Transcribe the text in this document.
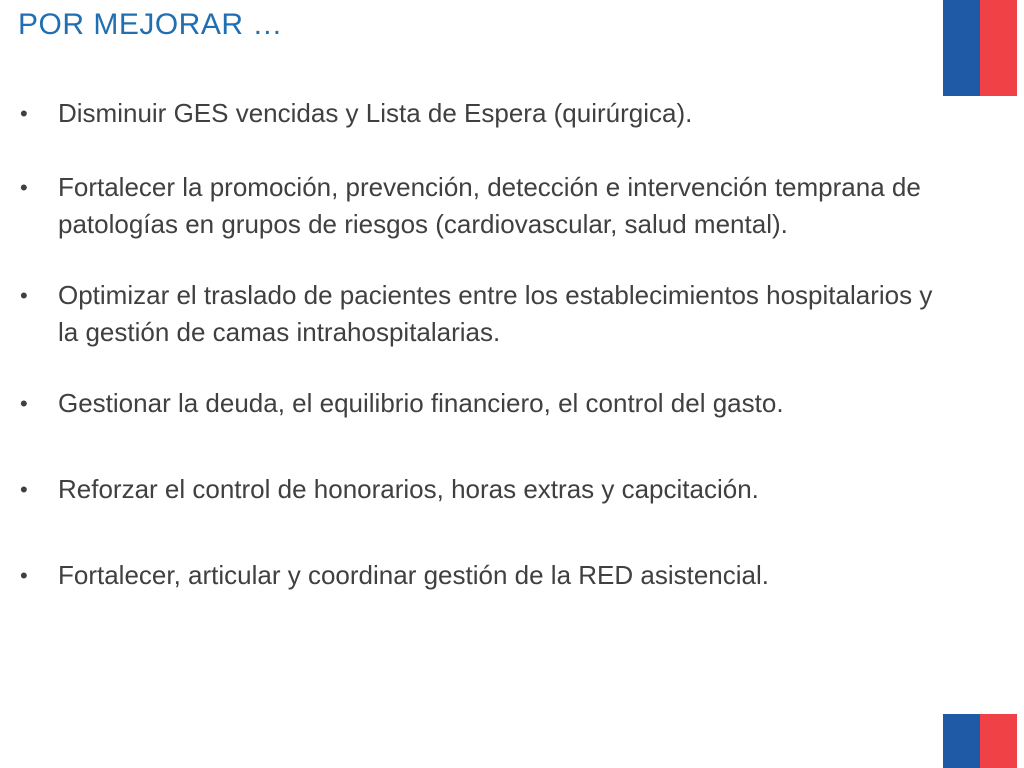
POR MEJORAR …
• Disminuir GES vencidas y Lista de Espera (quirúrgica).
• Fortalecer la promoción, prevención, detección e intervención temprana de patologías en grupos de riesgos (cardiovascular, salud mental).
• Optimizar el traslado de pacientes entre los establecimientos hospitalarios y la gestión de camas intrahospitalarias.
• Gestionar la deuda, el equilibrio financiero, el control del gasto.
• Reforzar el control de honorarios, horas extras y capcitación.
• Fortalecer, articular y coordinar gestión de la RED asistencial.
